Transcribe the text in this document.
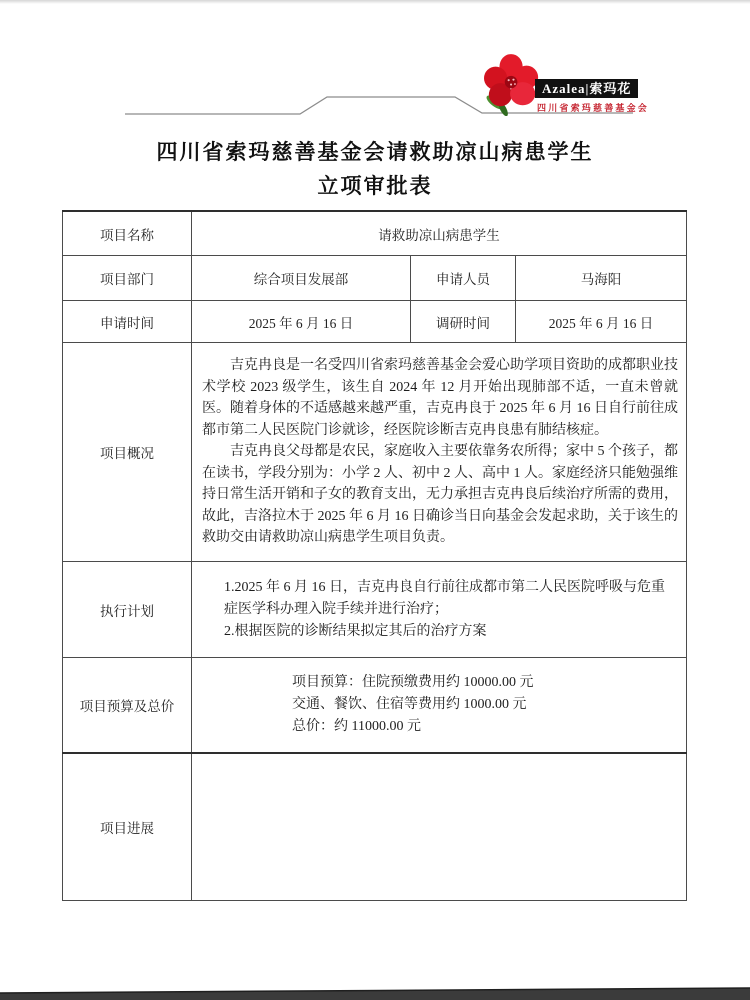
Azalea|索玛花
四川省索玛慈善基金会
四川省索玛慈善基金会请救助凉山病患学生
立项审批表
项目名称	请救助凉山病患学生		
项目部门	综合项目发展部	申请人员	马海阳
申请时间	2025 年 6 月 16 日	调研时间	2025 年 6 月 16 日
项目概况	吉克冉良是一名受四川省索玛慈善基金会爱心助学项目资助的成都职业技术学校 2023 级学生，该生自 2024 年 12 月开始出现肺部不适，一直未曾就医。随着身体的不适感越来越严重，吉克冉良于 2025 年 6 月 16 日自行前往成都市第二人民医院门诊就诊，经医院诊断吉克冉良患有肺结核症。

吉克冉良父母都是农民，家庭收入主要依靠务农所得；家中 5 个孩子，都在读书，学段分别为：小学 2 人、初中 2 人、高中 1 人。家庭经济只能勉强维持日常生活开销和子女的教育支出，无力承担吉克冉良后续治疗所需的费用，故此，吉洛拉木于 2025 年 6 月 16 日确诊当日向基金会发起求助，关于该生的救助交由请救助凉山病患学生项目负责。		

执行计划	1.2025 年 6 月 16 日，吉克冉良自行前往成都市第二人民医院呼吸与危重症医学科办理入院手续并进行治疗；
2.根据医院的诊断结果拟定其后的治疗方案		

项目预算及总价	项目预算：住院预缴费用约 10000.00 元
交通、餐饮、住宿等费用约 1000.00 元
总价：约 11000.00 元		

项目进展			
